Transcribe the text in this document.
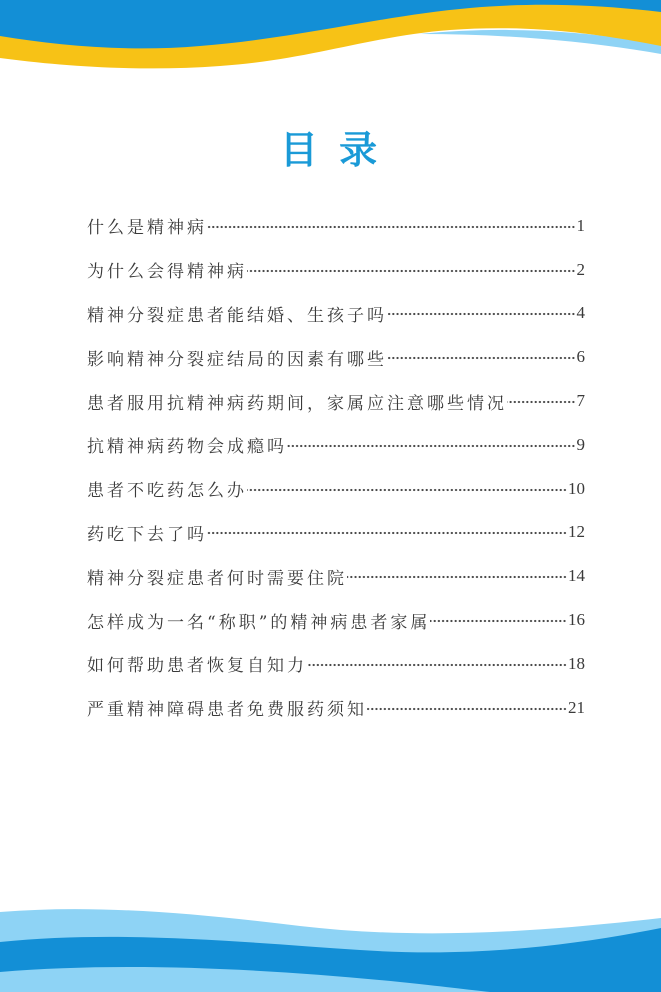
目 录
什么是精神病	1
为什么会得精神病	2
精神分裂症患者能结婚、生孩子吗	4
影响精神分裂症结局的因素有哪些	6
患者服用抗精神病药期间，家属应注意哪些情况	7
抗精神病药物会成瘾吗	9
患者不吃药怎么办	10
药吃下去了吗	12
精神分裂症患者何时需要住院	14
怎样成为一名“称职”的精神病患者家属	16
如何帮助患者恢复自知力	18
严重精神障碍患者免费服药须知	21
